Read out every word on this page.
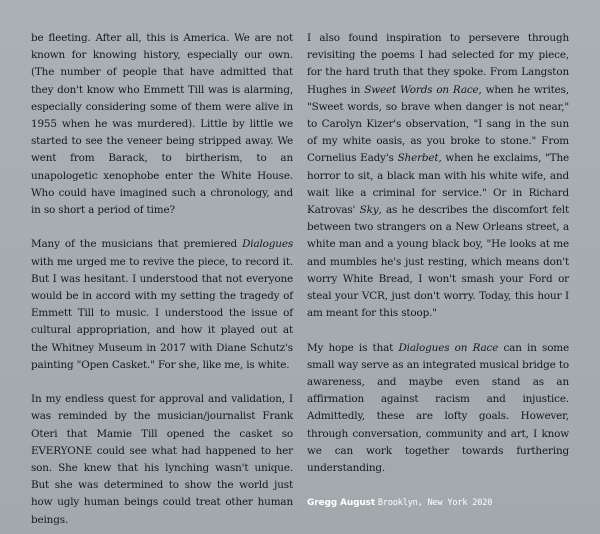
be fleeting. After all, this is America. We are not known for knowing history, especially our own. (The number of people that have admitted that they don't know who Emmett Till was is alarming, especially considering some of them were alive in 1955 when he was murdered). Little by little we started to see the veneer being stripped away. We went from Barack, to birtherism, to an unapologetic xenophobe enter the White House. Who could have imagined such a chronology, and in so short a period of time?

Many of the musicians that premiered Dialogues with me urged me to revive the piece, to record it. But I was hesitant. I understood that not everyone would be in accord with my setting the tragedy of Emmett Till to music. I understood the issue of cultural appropriation, and how it played out at the Whitney Museum in 2017 with Diane Schutz's painting "Open Casket." For she, like me, is white.

In my endless quest for approval and validation, I was reminded by the musician/journalist Frank Oteri that Mamie Till opened the casket so EVERYONE could see what had happened to her son. She knew that his lynching wasn't unique. But she was determined to show the world just how ugly human beings could treat other human beings.

I also found inspiration to persevere through revisiting the poems I had selected for my piece, for the hard truth that they spoke. From Langston Hughes in Sweet Words on Race, when he writes, "Sweet words, so brave when danger is not near," to Carolyn Kizer's observation, "I sang in the sun of my white oasis, as you broke to stone." From Cornelius Eady's Sherbet, when he exclaims, "The horror to sit, a black man with his white wife, and wait like a criminal for service." Or in Richard Katrovas' Sky, as he describes the discomfort felt between two strangers on a New Orleans street, a white man and a young black boy, "He looks at me and mumbles he's just resting, which means don't worry White Bread, I won't smash your Ford or steal your VCR, just don't worry. Today, this hour I am meant for this stoop."

My hope is that Dialogues on Race can in some small way serve as an integrated musical bridge to awareness, and maybe even stand as an affirmation against racism and injustice. Admittedly, these are lofty goals. However, through conversation, community and art, I know we can work together towards furthering understanding.

Gregg August Brooklyn, New York 2020
